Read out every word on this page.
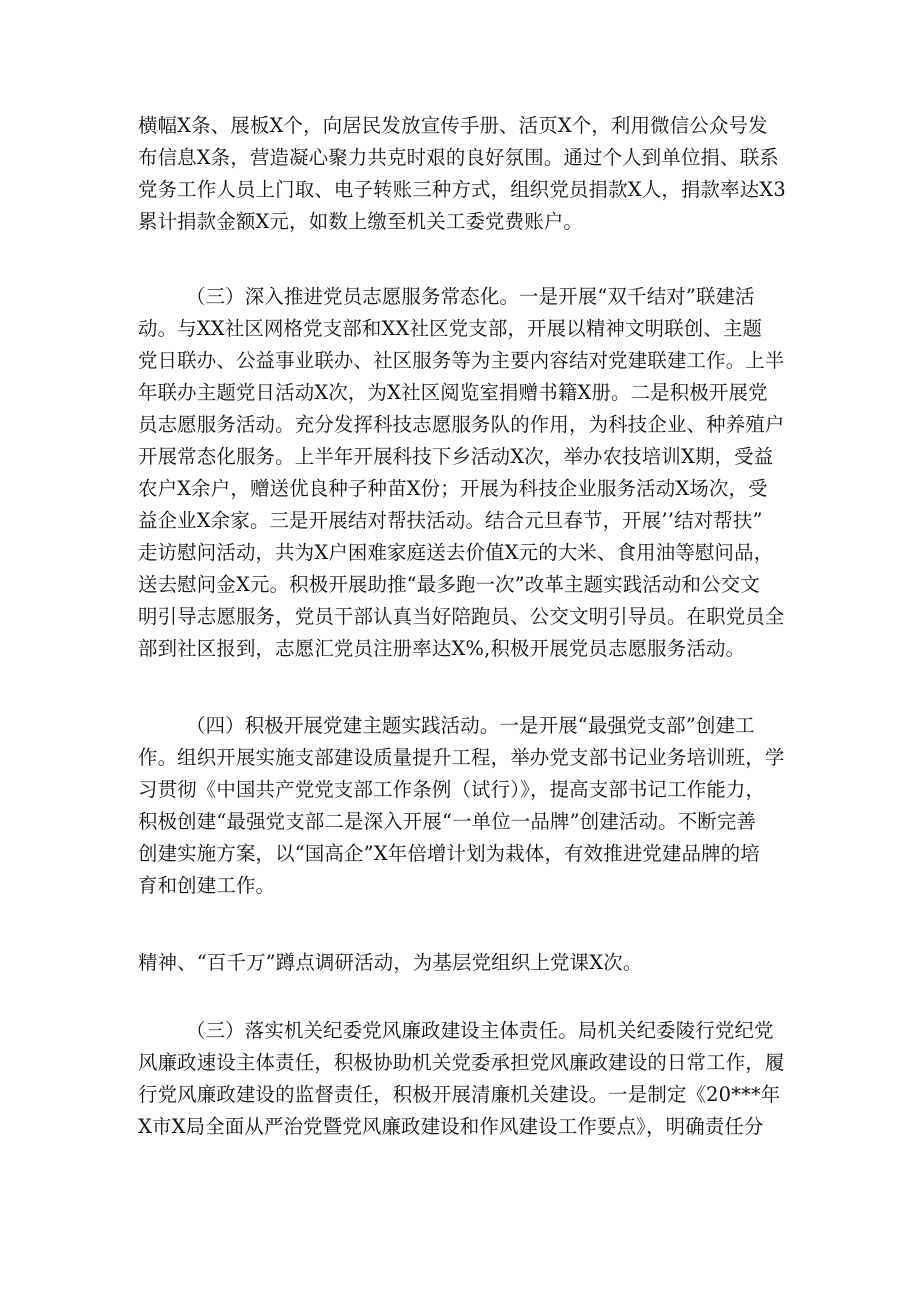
横幅X条、展板X个，向居民发放宣传手册、活页X个，利用微信公众号发
布信息X条，营造凝心聚力共克时艰的良好氛围。通过个人到单位捐、联系
党务工作人员上门取、电子转账三种方式，组织党员捐款X人，捐款率达X3
累计捐款金额X元，如数上缴至机关工委党费账户。
（三）深入推进党员志愿服务常态化。一是开展“双千结对”联建活
动。与XX社区网格党支部和XX社区党支部，开展以精神文明联创、主题
党日联办、公益事业联办、社区服务等为主要内容结对党建联建工作。上半
年联办主题党日活动X次，为X社区阅览室捐赠书籍X册。二是积极开展党
员志愿服务活动。充分发挥科技志愿服务队的作用，为科技企业、种养殖户
开展常态化服务。上半年开展科技下乡活动X次，举办农技培训X期，受益
农户X余户，赠送优良种子种苗X份；开展为科技企业服务活动X场次，受
益企业X余家。三是开展结对帮扶活动。结合元旦春节，开展’’结对帮扶”
走访慰问活动，共为X户困难家庭送去价值X元的大米、食用油等慰问品，
送去慰问金X元。积极开展助推“最多跑一次”改革主题实践活动和公交文
明引导志愿服务，党员干部认真当好陪跑员、公交文明引导员。在职党员全
部到社区报到，志愿汇党员注册率达X%,积极开展党员志愿服务活动。
（四）积极开展党建主题实践活动。一是开展“最强党支部”创建工
作。组织开展实施支部建设质量提升工程，举办党支部书记业务培训班，学
习贯彻《中国共产党党支部工作条例（试行）》，提高支部书记工作能力，
积极创建“最强党支部二是深入开展“一单位一品牌”创建活动。不断完善
创建实施方案，以“国高企”X年倍增计划为栽体，有效推进党建品牌的培
育和创建工作。
精神、“百千万”蹲点调研活动，为基层党组织上党课X次。
（三）落实机关纪委党风廉政建设主体责任。局机关纪委陵行党纪党
风廉政速设主体责任，积极协助机关党委承担党风廉政建设的日常工作，履
行党风廉政建设的监督责任，积极开展清廉机关建设。一是制定《20***年
X市X局全面从严治党暨党风廉政建设和作风建设工作要点》，明确责任分
